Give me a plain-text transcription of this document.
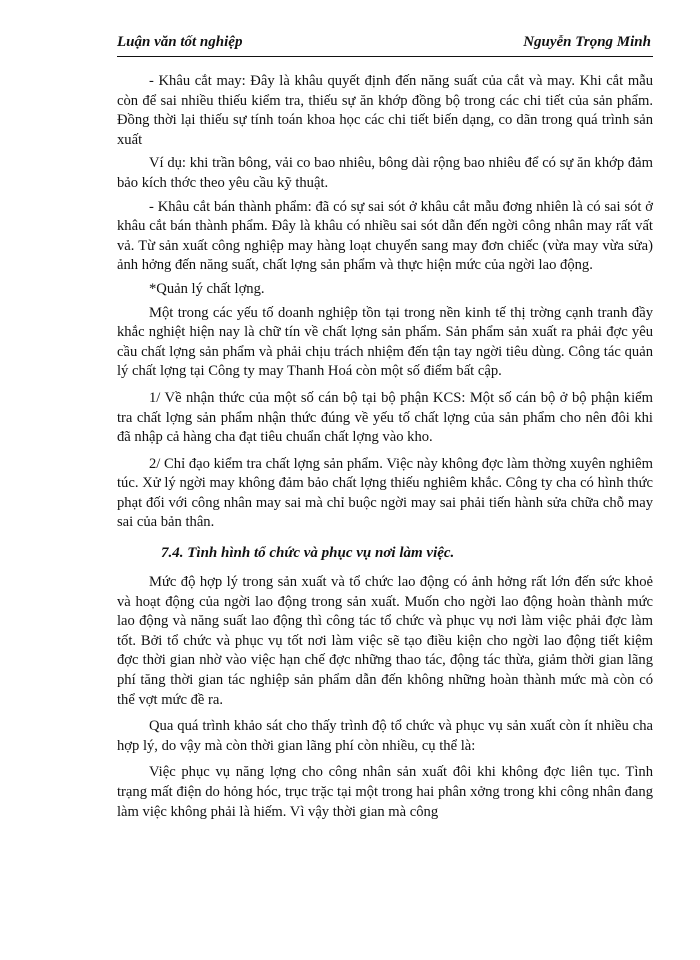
Luận văn tốt nghiệp	Nguyễn Trọng Minh

- Khâu cắt may: Đây là khâu quyết định đến năng suất của cắt và may. Khi cắt mẫu còn để sai nhiều thiếu kiểm tra, thiếu sự ăn khớp đồng bộ trong các chi tiết của sản phẩm. Đồng thời lại thiếu sự tính toán khoa học các chi tiết biến dạng, co dãn trong quá trình sản xuất

Ví dụ: khi trần bông, vải co bao nhiêu, bông dài rộng bao nhiêu để có sự ăn khớp đảm bảo kích thớc theo yêu cầu kỹ thuật.

- Khâu cắt bán thành phẩm: đã có sự sai sót ở khâu cắt mẫu đơng nhiên là có sai sót ở khâu cắt bán thành phẩm. Đây là khâu có nhiều sai sót dẫn đến ngời công nhân may rất vất vả. Từ sản xuất công nghiệp may hàng loạt chuyển sang may đơn chiếc (vừa may vừa sửa) ảnh hởng đến năng suất, chất lợng sản phẩm và thực hiện mức của ngời lao động.

*Quản lý chất lợng.

Một trong các yếu tố doanh nghiệp tồn tại trong nền kinh tế thị trờng cạnh tranh đầy khắc nghiệt hiện nay là chữ tín về chất lợng sản phẩm. Sản phẩm sản xuất ra phải đợc yêu cầu chất lợng sản phẩm và phải chịu trách nhiệm đến tận tay ngời tiêu dùng. Công tác quản lý chất lợng tại Công ty may Thanh Hoá còn một số điểm bất cập.

1/ Về nhận thức của một số cán bộ tại bộ phận KCS: Một số cán bộ ở bộ phận kiểm tra chất lợng sản phẩm nhận thức đúng về yếu tố chất lợng của sản phẩm cho nên đôi khi đã nhập cả hàng cha đạt tiêu chuẩn chất lợng vào kho.

2/ Chỉ đạo kiểm tra chất lợng sản phẩm. Việc này không đợc làm thờng xuyên nghiêm túc. Xử lý ngời may không đảm bảo chất lợng thiếu nghiêm khắc. Công ty cha có hình thức phạt đối với công nhân may sai mà chỉ buộc ngời may sai phải tiến hành sửa chữa chỗ may sai của bản thân.

7.4. Tình hình tổ chức và phục vụ nơi làm việc.

Mức độ hợp lý trong sản xuất và tổ chức lao động có ảnh hởng rất lớn đến sức khoẻ và hoạt động của ngời lao động trong sản xuất. Muốn cho ngời lao động hoàn thành mức lao động và năng suất lao động thì công tác tổ chức và phục vụ nơi làm việc phải đợc làm tốt. Bởi tổ chức và phục vụ tốt nơi làm việc sẽ tạo điều kiện cho ngời lao động tiết kiệm đợc thời gian nhờ vào việc hạn chế đợc những thao tác, động tác thừa, giảm thời gian lãng phí tăng thời gian tác nghiệp sản phẩm dẫn đến không những hoàn thành mức mà còn có thể vợt mức đề ra.

Qua quá trình khảo sát cho thấy trình độ tổ chức và phục vụ sản xuất còn ít nhiều cha hợp lý, do vậy mà còn thời gian lãng phí còn nhiều, cụ thể là:

Việc phục vụ năng lợng cho công nhân sản xuất đôi khi không đợc liên tục. Tình trạng mất điện do hỏng hóc, trục trặc tại một trong hai phân xởng trong khi công nhân đang làm việc không phải là hiếm. Vì vậy thời gian mà công
